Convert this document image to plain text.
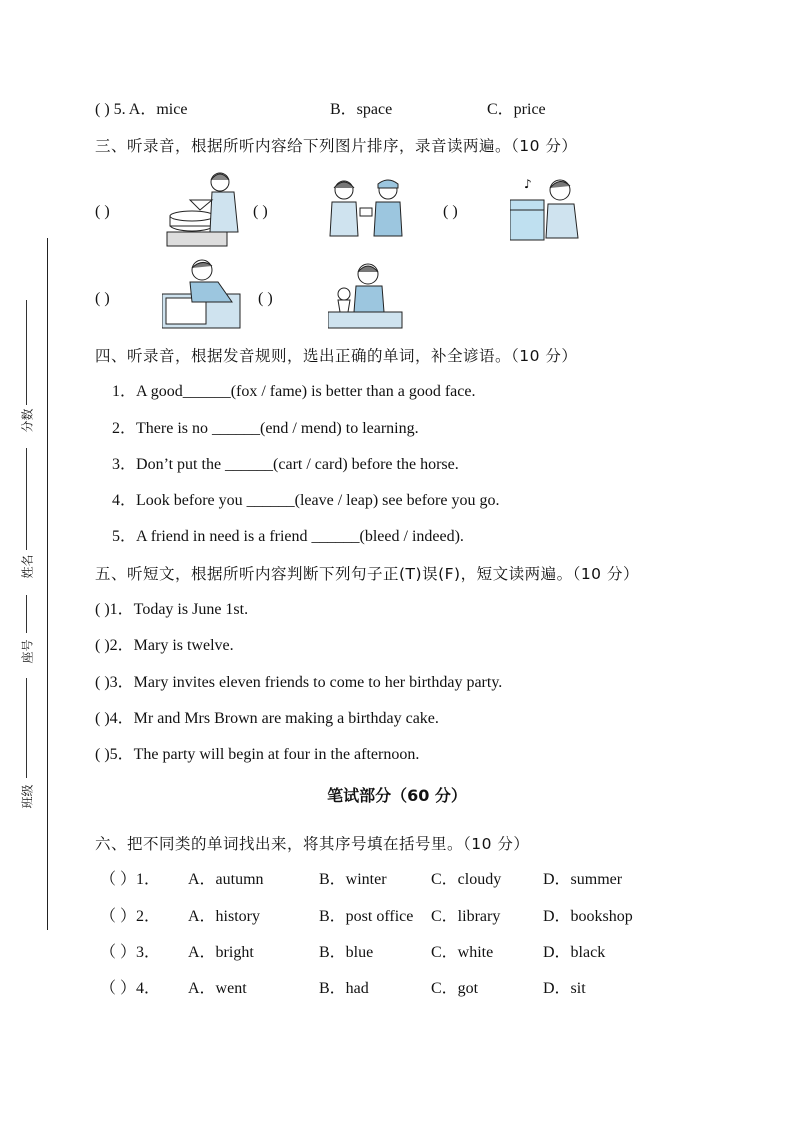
分数
姓名
座号
班级
( ) 5. A．mice	B．space	C．price
三、听录音，根据所听内容给下列图片排序，录音读两遍。（10 分）
( )	( )	( )
♪
( )	( )
四、听录音，根据发音规则，选出正确的单词，补全谚语。（10 分）
1．A good______(fox / fame) is better than a good face.
2．There is no ______(end / mend) to learning.
3．Don’t put the ______(cart / card) before the horse.
4．Look before you ______(leave / leap) see before you go.
5．A friend in need is a friend ______(bleed / indeed).
五、听短文，根据所听内容判断下列句子正(T)误(F)，短文读两遍。（10 分）
( )1．Today is June 1st.
( )2．Mary is twelve.
( )3．Mary invites eleven friends to come to her birthday party.
( )4．Mr and Mrs Brown are making a birthday cake.
( )5．The party will begin at four in the afternoon.
笔试部分（60 分）
六、把不同类的单词找出来，将其序号填在括号里。（10 分）
（ ）1． A．autumn	B．winter	C．cloudy	D．summer
（ ）2． A．history	B．post office C．library	D．bookshop
（ ）3． A．bright	B．blue	C．white	D．black
（ ）4． A．went	B．had	C．got	D．sit
